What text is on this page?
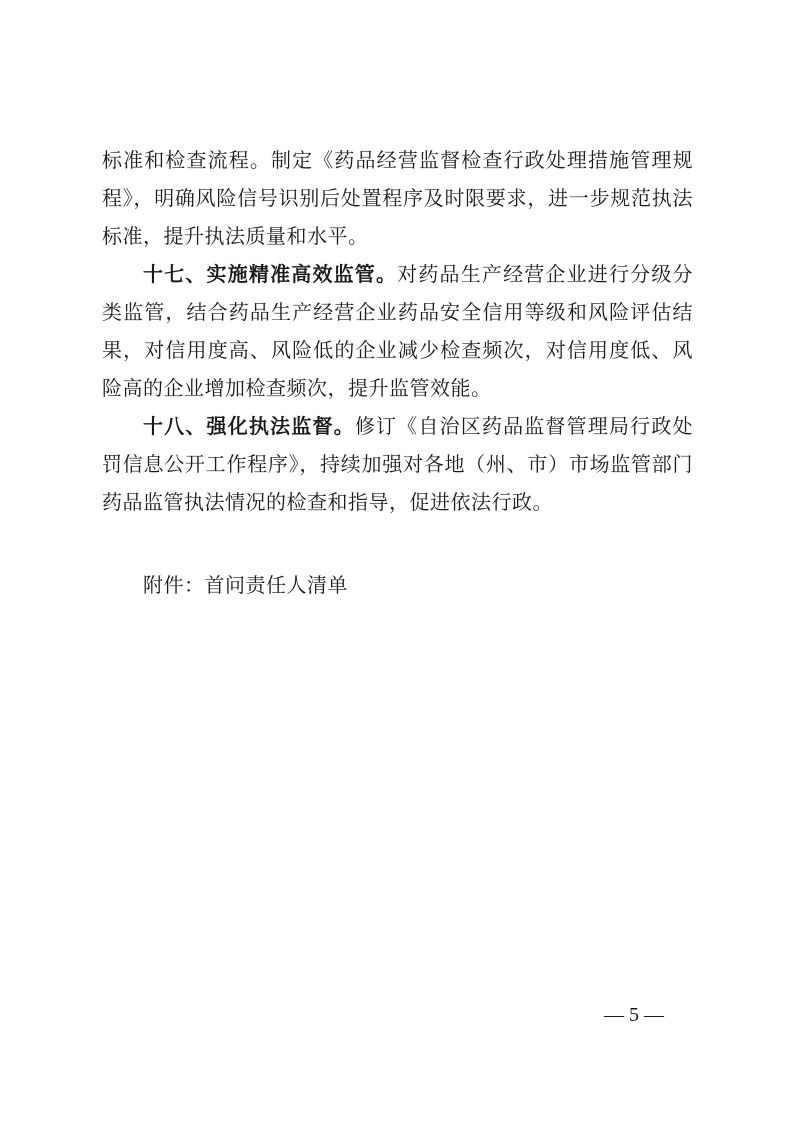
标准和检查流程。制定《药品经营监督检查行政处理措施管理规程》，明确风险信号识别后处置程序及时限要求，进一步规范执法标准，提升执法质量和水平。

十七、实施精准高效监管。对药品生产经营企业进行分级分类监管，结合药品生产经营企业药品安全信用等级和风险评估结果，对信用度高、风险低的企业减少检查频次，对信用度低、风险高的企业增加检查频次，提升监管效能。

十八、强化执法监督。修订《自治区药品监督管理局行政处罚信息公开工作程序》，持续加强对各地（州、市）市场监管部门药品监管执法情况的检查和指导，促进依法行政。

附件：首问责任人清单
— 5 —
